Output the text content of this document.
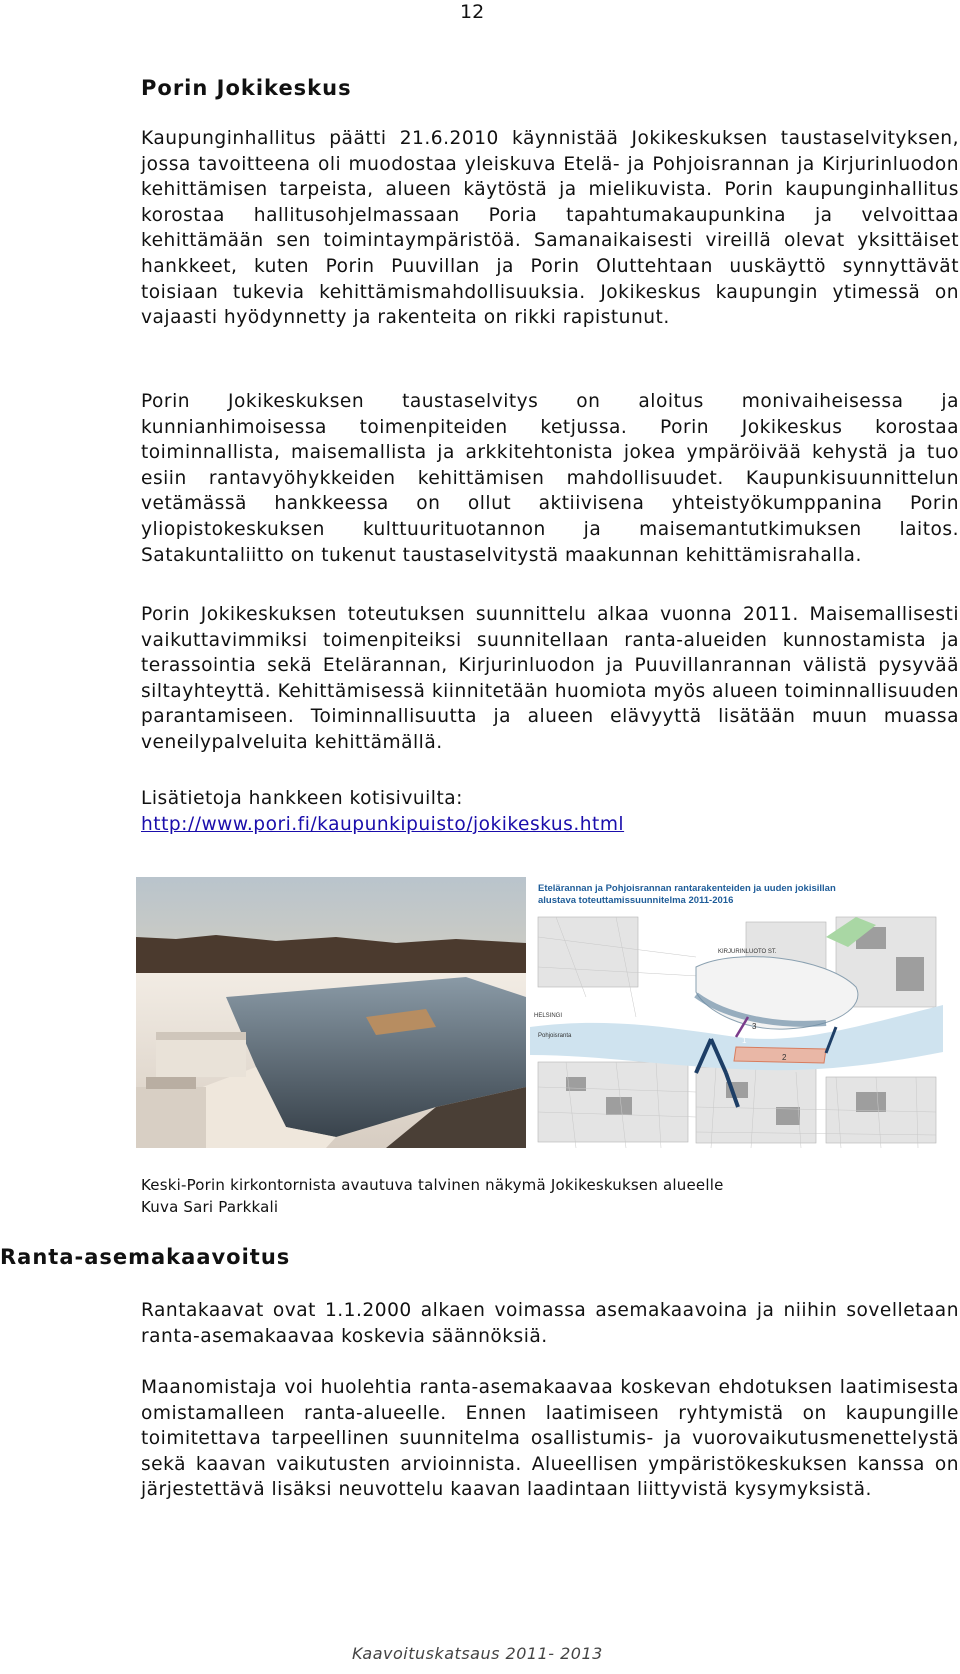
12
Porin Jokikeskus

Kaupunginhallitus päätti 21.6.2010 käynnistää Jokikeskuksen taustaselvityksen, jossa tavoitteena oli muodostaa yleiskuva Etelä- ja Pohjoisrannan ja Kirjurinluodon kehittämisen tarpeista, alueen käytöstä ja mielikuvista. Porin kaupunginhallitus korostaa hallitusohjelmassaan Poria tapahtumakaupunkina ja velvoittaa kehittämään sen toimintaympäristöä. Samanaikaisesti vireillä olevat yksittäiset hankkeet, kuten Porin Puuvillan ja Porin Oluttehtaan uuskäyttö synnyttävät toisiaan tukevia kehittämismahdollisuuksia. Jokikeskus kaupungin ytimessä on vajaasti hyödynnetty ja rakenteita on rikki rapistunut.

Porin Jokikeskuksen taustaselvitys on aloitus monivaiheisessa ja kunnianhimoisessa toimenpiteiden ketjussa. Porin Jokikeskus korostaa toiminnallista, maisemallista ja arkkitehtonista jokea ympäröivää kehystä ja tuo esiin rantavyöhykkeiden kehittämisen mahdollisuudet. Kaupunkisuunnittelun vetämässä hankkeessa on ollut aktiivisena yhteistyökumppanina Porin yliopistokeskuksen kulttuurituotannon ja maisemantutkimuksen laitos. Satakuntaliitto on tukenut taustaselvitystä maakunnan kehittämisrahalla.

Porin Jokikeskuksen toteutuksen suunnittelu alkaa vuonna 2011. Maisemallisesti vaikuttavimmiksi toimenpiteiksi suunnitellaan ranta-alueiden kunnostamista ja terassointia sekä Etelärannan, Kirjurinluodon ja Puuvillanrannan välistä pysyvää siltayhteyttä. Kehittämisessä kiinnitetään huomiota myös alueen toiminnallisuuden parantamiseen. Toiminnallisuutta ja alueen elävyyttä lisätään muun muassa veneilypalveluita kehittämällä.

Lisätietoja hankkeen kotisivuilta:
http://www.pori.fi/kaupunkipuisto/jokikeskus.html
Etelärannan ja Pohjoisrannan rantarakenteiden ja uuden jokisillan
alustava toteuttamissuunnitelma 2011-2016
1
2
3
KIRJURINLUOTO ST.
HELSINGI
Pohjoisranta
Keski-Porin kirkontornista avautuva talvinen näkymä Jokikeskuksen alueelle
Kuva Sari Parkkali
Ranta-asemakaavoitus

Rantakaavat ovat 1.1.2000 alkaen voimassa asemakaavoina ja niihin sovelletaan ranta-asemakaavaa koskevia säännöksiä.

Maanomistaja voi huolehtia ranta-asemakaavaa koskevan ehdotuksen laatimisesta omistamalleen ranta-alueelle. Ennen laatimiseen ryhtymistä on kaupungille toimitettava tarpeellinen suunnitelma osallistumis- ja vuorovaikutusmenettelystä sekä kaavan vaikutusten arvioinnista. Alueellisen ympäristökeskuksen kanssa on järjestettävä lisäksi neuvottelu kaavan laadintaan liittyvistä kysymyksistä.

Kaavoituskatsaus 2011- 2013
